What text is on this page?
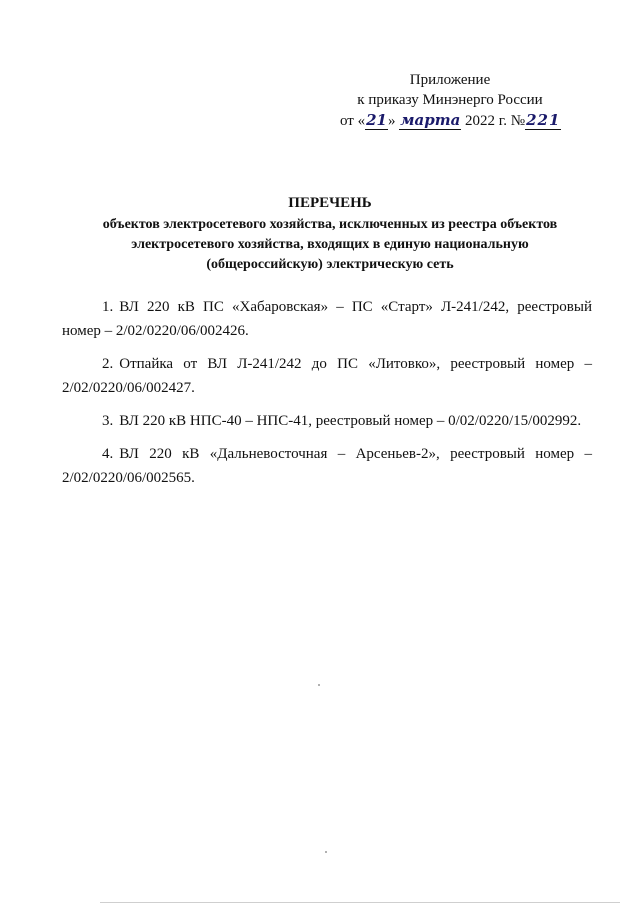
Приложение
к приказу Минэнерго России
от «21» марта 2022 г. №221
ПЕРЕЧЕНЬ
объектов электросетевого хозяйства, исключенных из реестра объектов
электросетевого хозяйства, входящих в единую национальную
(общероссийскую) электрическую сеть

1. ВЛ 220 кВ ПС «Хабаровская» – ПС «Старт» Л-241/242, реестровый номер – 2/02/0220/06/002426.

2. Отпайка от ВЛ Л-241/242 до ПС «Литовко», реестровый номер – 2/02/0220/06/002427.

3. ВЛ 220 кВ НПС-40 – НПС-41, реестровый номер – 0/02/0220/15/002992.

4. ВЛ 220 кВ «Дальневосточная – Арсеньев-2», реестровый номер – 2/02/0220/06/002565.
